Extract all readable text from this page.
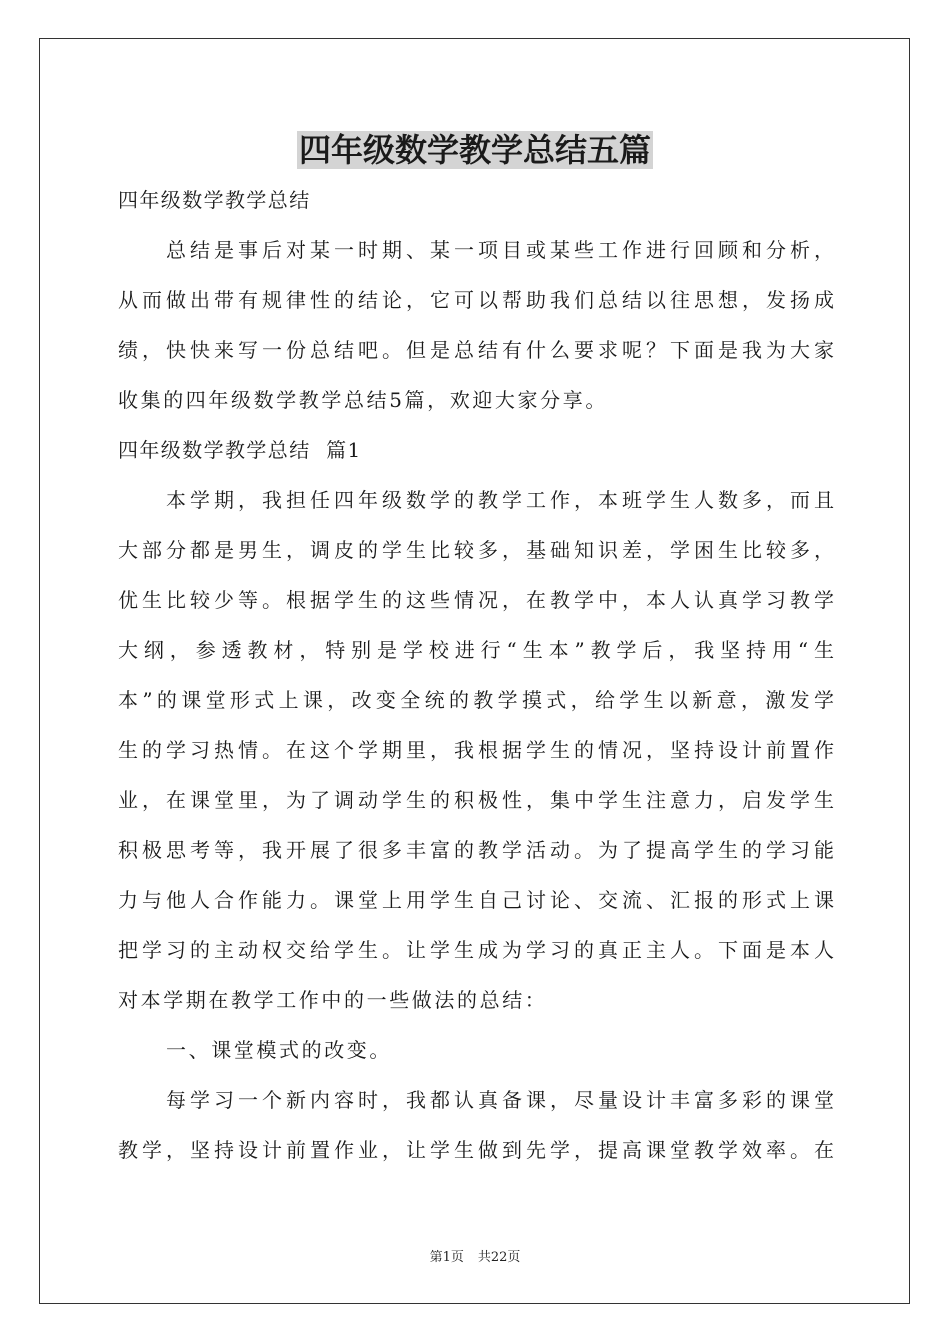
四年级数学教学总结五篇
四年级数学教学总结
总结是事后对某一时期、某一项目或某些工作进行回顾和分析，
从而做出带有规律性的结论，它可以帮助我们总结以往思想，发扬成
绩，快快来写一份总结吧。但是总结有什么要求呢？下面是我为大家
收集的四年级数学教学总结5篇，欢迎大家分享。
四年级数学教学总结  篇1
本学期，我担任四年级数学的教学工作，本班学生人数多，而且
大部分都是男生，调皮的学生比较多，基础知识差，学困生比较多，
优生比较少等。根据学生的这些情况，在教学中，本人认真学习教学
大纲，参透教材，特别是学校进行“生本”教学后，我坚持用“生
本”的课堂形式上课，改变全统的教学摸式，给学生以新意，激发学
生的学习热情。在这个学期里，我根据学生的情况，坚持设计前置作
业，在课堂里，为了调动学生的积极性，集中学生注意力，启发学生
积极思考等，我开展了很多丰富的教学活动。为了提高学生的学习能
力与他人合作能力。课堂上用学生自己讨论、交流、汇报的形式上课
把学习的主动权交给学生。让学生成为学习的真正主人。下面是本人
对本学期在教学工作中的一些做法的总结：
一、课堂模式的改变。
每学习一个新内容时，我都认真备课，尽量设计丰富多彩的课堂
教学，坚持设计前置作业，让学生做到先学，提高课堂教学效率。在
第1页 共22页
